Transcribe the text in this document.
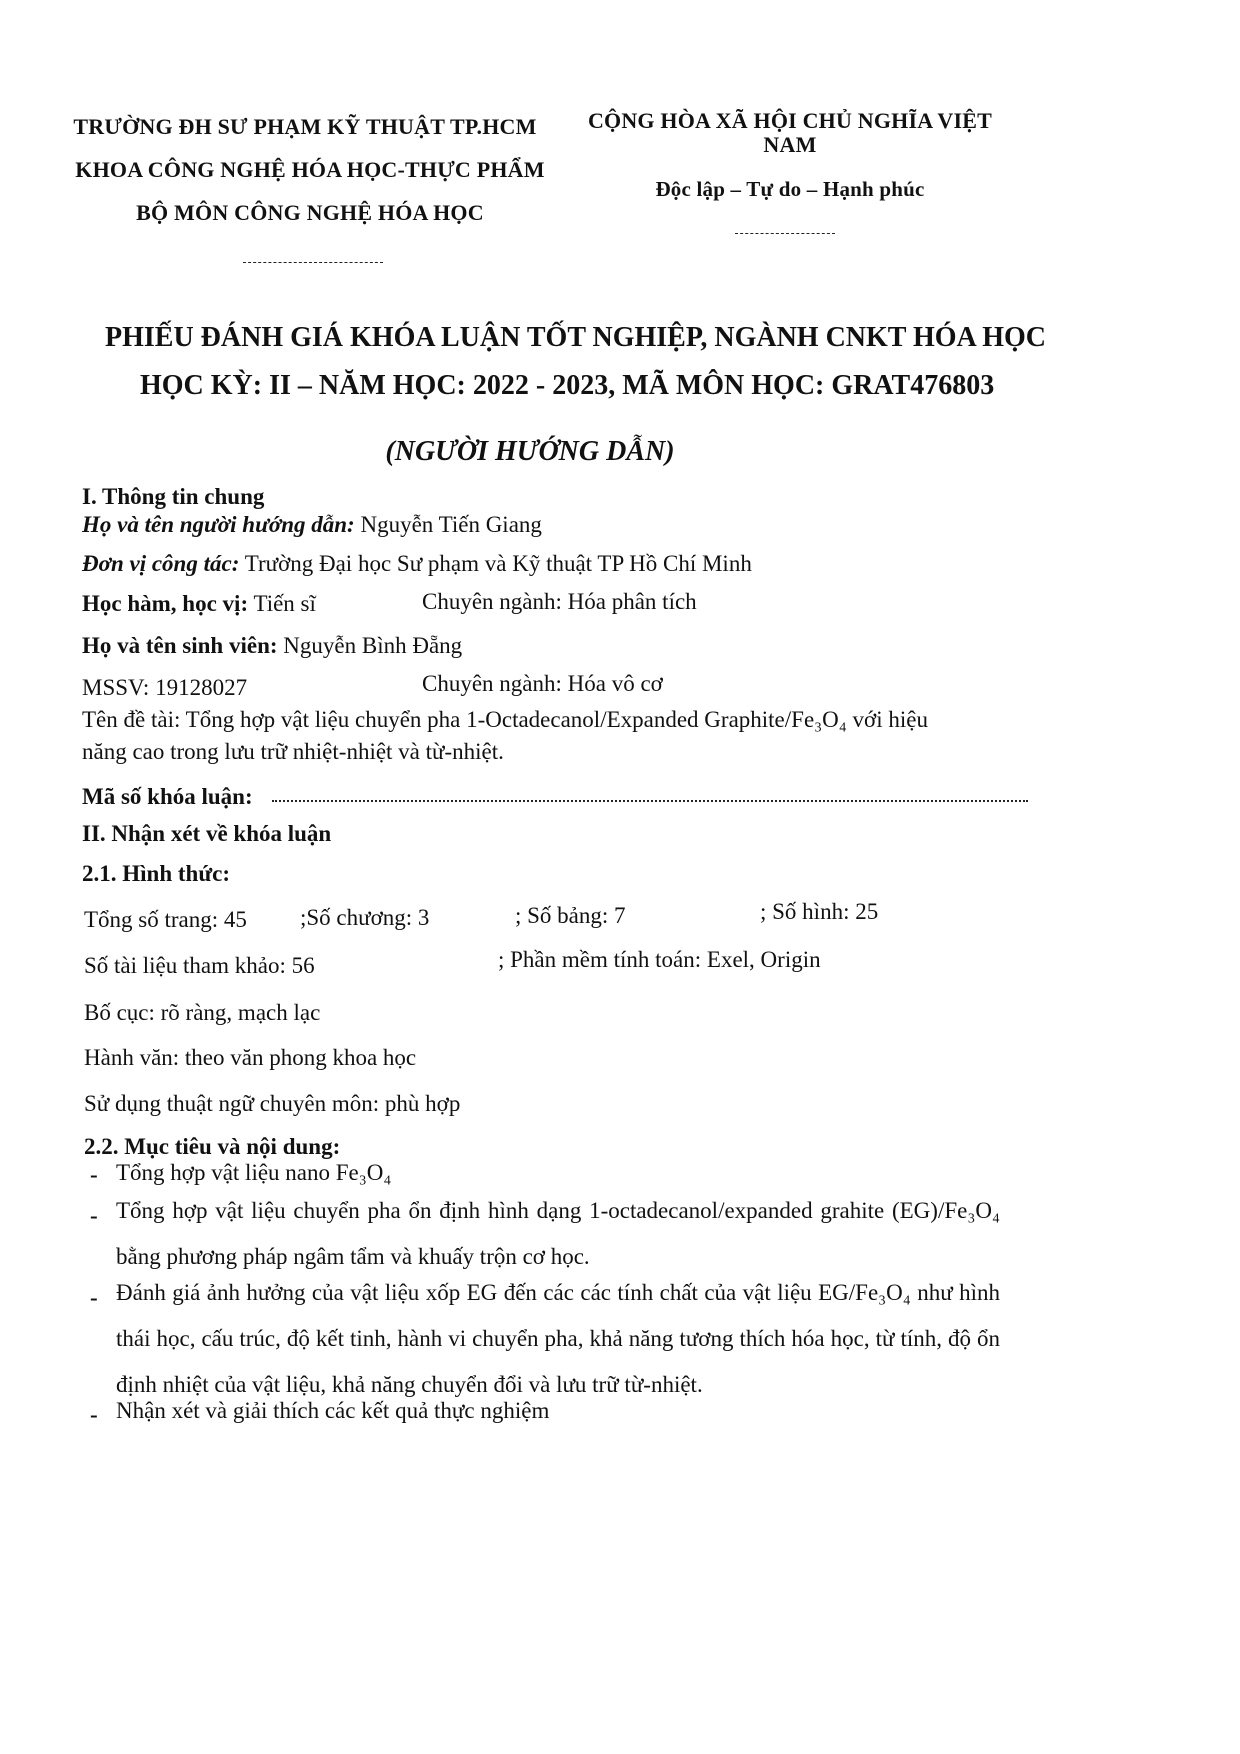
TRƯỜNG ĐH SƯ PHẠM KỸ THUẬT TP.HCM
KHOA CÔNG NGHỆ HÓA HỌC-THỰC PHẨM
BỘ MÔN CÔNG NGHỆ HÓA HỌC
CỘNG HÒA XÃ HỘI CHỦ NGHĨA VIỆT
NAM
Độc lập – Tự do – Hạnh phúc
PHIẾU ĐÁNH GIÁ KHÓA LUẬN TỐT NGHIỆP, NGÀNH CNKT HÓA HỌC
HỌC KỲ: II – NĂM HỌC: 2022 - 2023, MÃ MÔN HỌC: GRAT476803
(NGƯỜI HƯỚNG DẪN)
I. Thông tin chung
Họ và tên người hướng dẫn: Nguyễn Tiến Giang
Đơn vị công tác: Trường Đại học Sư phạm và Kỹ thuật TP Hồ Chí Minh
Học hàm, học vị: Tiến sĩ	Chuyên ngành: Hóa phân tích
Họ và tên sinh viên: Nguyễn Bình Đẵng
MSSV: 19128027	Chuyên ngành: Hóa vô cơ
Tên đề tài: Tổng hợp vật liệu chuyển pha 1-Octadecanol/Expanded Graphite/Fe₃O₄ với hiệu
năng cao trong lưu trữ nhiệt-nhiệt và từ-nhiệt.
Mã số khóa luận:
II. Nhận xét về khóa luận
2.1. Hình thức:
Tổng số trang: 45 ;Số chương: 3	; Số bảng: 7	; Số hình: 25
Số tài liệu tham khảo: 56	; Phần mềm tính toán: Exel, Origin
Bố cục: rõ ràng, mạch lạc
Hành văn: theo văn phong khoa học
Sử dụng thuật ngữ chuyên môn: phù hợp
2.2. Mục tiêu và nội dung:
- Tổng hợp vật liệu nano Fe₃O₄
- Tổng hợp vật liệu chuyển pha ổn định hình dạng 1-octadecanol/expanded grahite (EG)/Fe₃O₄ bằng phương pháp ngâm tẩm và khuấy trộn cơ học.
- Đánh giá ảnh hưởng của vật liệu xốp EG đến các các tính chất của vật liệu EG/Fe₃O₄ như hình thái học, cấu trúc, độ kết tinh, hành vi chuyển pha, khả năng tương thích hóa học, từ tính, độ ổn định nhiệt của vật liệu, khả năng chuyển đổi và lưu trữ từ-nhiệt.
- Nhận xét và giải thích các kết quả thực nghiệm
